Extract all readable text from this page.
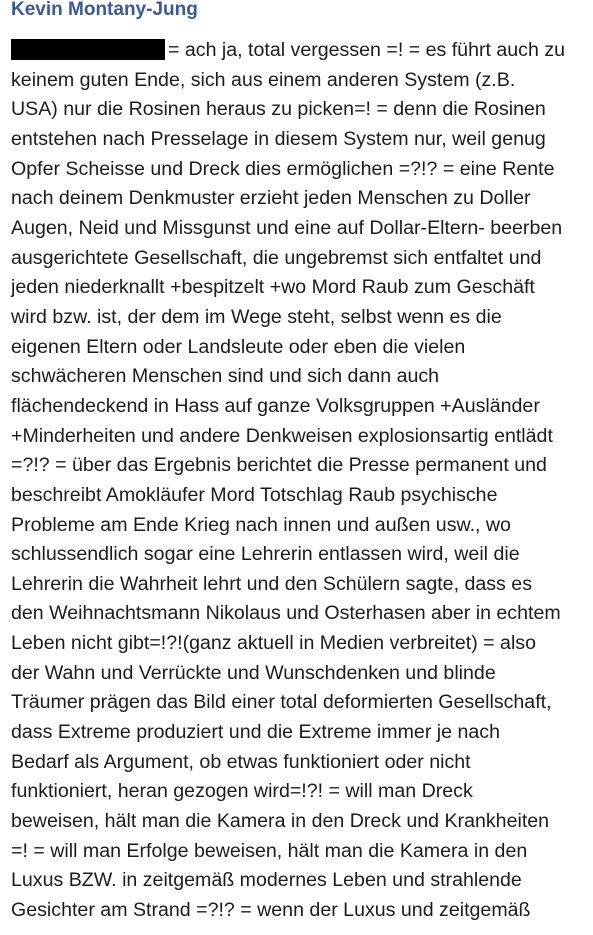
Kevin Montany-Jung
= ach ja, total vergessen =! = es führt auch zu
keinem guten Ende, sich aus einem anderen System (z.B.
USA) nur die Rosinen heraus zu picken=! = denn die Rosinen
entstehen nach Presselage in diesem System nur, weil genug
Opfer Scheisse und Dreck dies ermöglichen =?!? = eine Rente
nach deinem Denkmuster erzieht jeden Menschen zu Doller
Augen, Neid und Missgunst und eine auf Dollar-Eltern- beerben
ausgerichtete Gesellschaft, die ungebremst sich entfaltet und
jeden niederknallt +bespitzelt +wo Mord Raub zum Geschäft
wird bzw. ist, der dem im Wege steht, selbst wenn es die
eigenen Eltern oder Landsleute oder eben die vielen
schwächeren Menschen sind und sich dann auch
flächendeckend in Hass auf ganze Volksgruppen +Ausländer
+Minderheiten und andere Denkweisen explosionsartig entlädt
=?!? = über das Ergebnis berichtet die Presse permanent und
beschreibt Amokläufer Mord Totschlag Raub psychische
Probleme am Ende Krieg nach innen und außen usw., wo
schlussendlich sogar eine Lehrerin entlassen wird, weil die
Lehrerin die Wahrheit lehrt und den Schülern sagte, dass es
den Weihnachtsmann Nikolaus und Osterhasen aber in echtem
Leben nicht gibt=!?!(ganz aktuell in Medien verbreitet) = also
der Wahn und Verrückte und Wunschdenken und blinde
Träumer prägen das Bild einer total deformierten Gesellschaft,
dass Extreme produziert und die Extreme immer je nach
Bedarf als Argument, ob etwas funktioniert oder nicht
funktioniert, heran gezogen wird=!?! = will man Dreck
beweisen, hält man die Kamera in den Dreck und Krankheiten
=! = will man Erfolge beweisen, hält man die Kamera in den
Luxus BZW. in zeitgemäß modernes Leben und strahlende
Gesichter am Strand =?!? = wenn der Luxus und zeitgemäß
